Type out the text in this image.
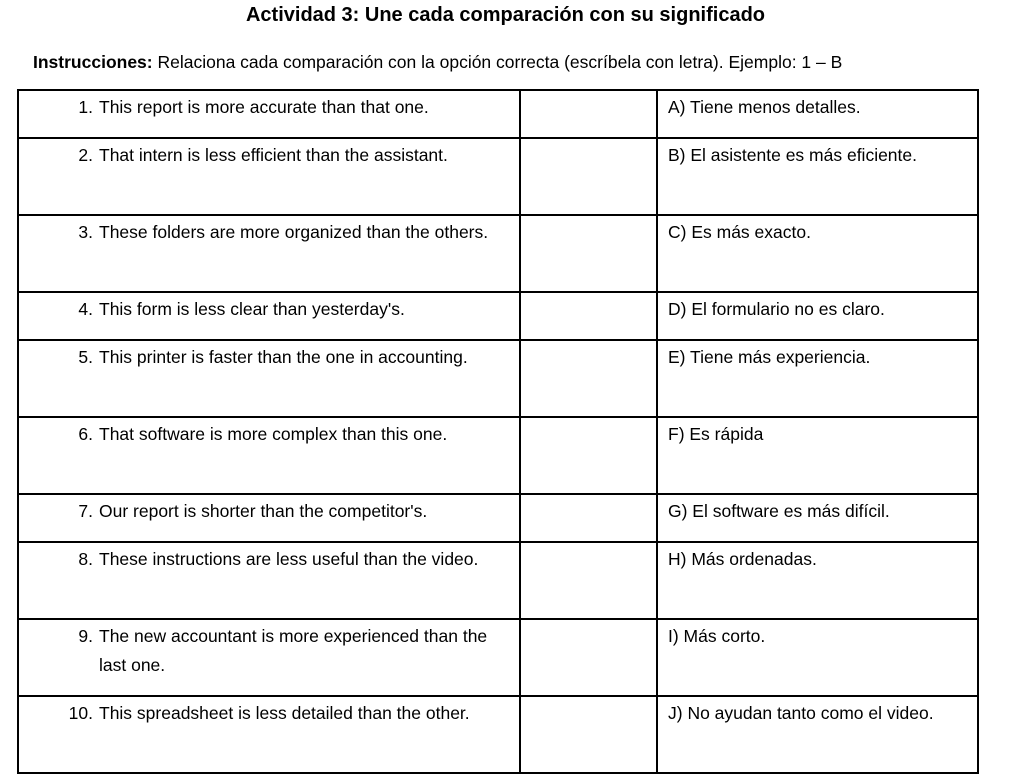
Actividad 3: Une cada comparación con su significado
Instrucciones: Relaciona cada comparación con la opción correcta (escríbela con letra). Ejemplo: 1 – B
1. This report is more accurate than that one.		A) Tiene menos detalles.

2. That intern is less efficient than the assistant.		B) El asistente es más eficiente.

3. These folders are more organized than the others.		C) Es más exacto.

4. This form is less clear than yesterday's.		D) El formulario no es claro.

5. This printer is faster than the one in accounting.		E) Tiene más experiencia.

6. That software is more complex than this one.		F) Es rápida

7. Our report is shorter than the competitor's.		G) El software es más difícil.

8. These instructions are less useful than the video.		H) Más ordenadas.

9. The new accountant is more experienced than the last one.		I) Más corto.

10. This spreadsheet is less detailed than the other.		J) No ayudan tanto como el video.
